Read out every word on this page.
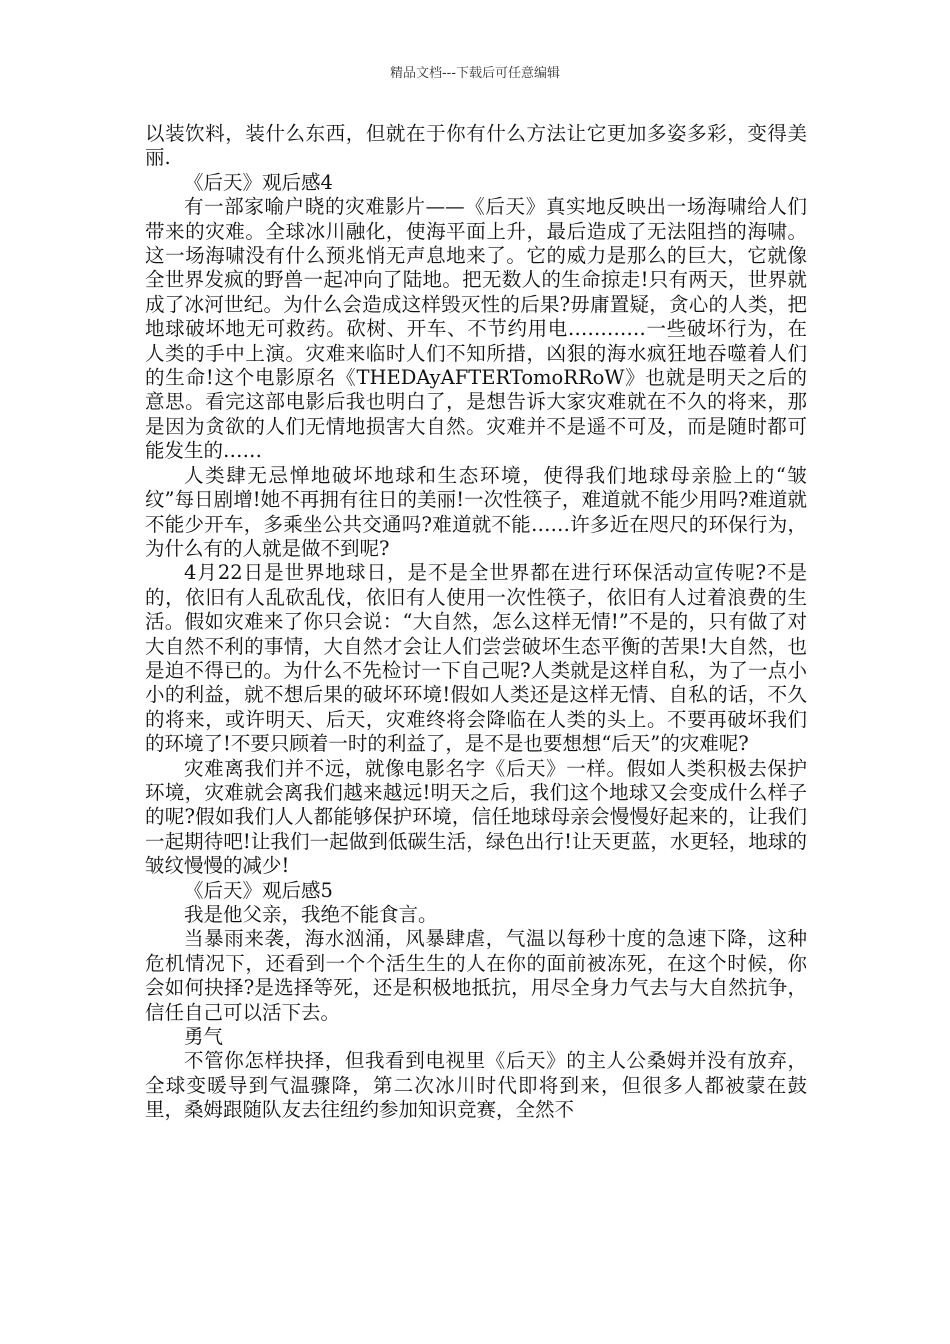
精品文档---下载后可任意编辑

以装饮料，装什么东西，但就在于你有什么方法让它更加多姿多彩，变得美丽.

《后天》观后感4

有一部家喻户晓的灾难影片——《后天》真实地反映出一场海啸给人们带来的灾难。全球冰川融化，使海平面上升，最后造成了无法阻挡的海啸。这一场海啸没有什么预兆悄无声息地来了。它的威力是那么的巨大，它就像全世界发疯的野兽一起冲向了陆地。把无数人的生命掠走!只有两天，世界就成了冰河世纪。为什么会造成这样毁灭性的后果?毋庸置疑，贪心的人类，把地球破坏地无可救药。砍树、开车、不节约用电…………一些破坏行为，在人类的手中上演。灾难来临时人们不知所措，凶狠的海水疯狂地吞噬着人们的生命!这个电影原名《THEDAyAFTERTomoRRoW》也就是明天之后的意思。看完这部电影后我也明白了，是想告诉大家灾难就在不久的将来，那是因为贪欲的人们无情地损害大自然。灾难并不是遥不可及，而是随时都可能发生的……

人类肆无忌惮地破坏地球和生态环境，使得我们地球母亲脸上的“皱纹”每日剧增!她不再拥有往日的美丽!一次性筷子，难道就不能少用吗?难道就不能少开车，多乘坐公共交通吗?难道就不能……许多近在咫尺的环保行为，为什么有的人就是做不到呢?

4月22日是世界地球日，是不是全世界都在进行环保活动宣传呢?不是的，依旧有人乱砍乱伐，依旧有人使用一次性筷子，依旧有人过着浪费的生活。假如灾难来了你只会说：“大自然，怎么这样无情!”不是的，只有做了对大自然不利的事情，大自然才会让人们尝尝破坏生态平衡的苦果!大自然，也是迫不得已的。为什么不先检讨一下自己呢?人类就是这样自私，为了一点小小的利益，就不想后果的破坏环境!假如人类还是这样无情、自私的话，不久的将来，或许明天、后天，灾难终将会降临在人类的头上。不要再破坏我们的环境了!不要只顾着一时的利益了，是不是也要想想“后天”的灾难呢?

灾难离我们并不远，就像电影名字《后天》一样。假如人类积极去保护环境，灾难就会离我们越来越远!明天之后，我们这个地球又会变成什么样子的呢?假如我们人人都能够保护环境，信任地球母亲会慢慢好起来的，让我们一起期待吧!让我们一起做到低碳生活，绿色出行!让天更蓝，水更轻，地球的皱纹慢慢的减少!

《后天》观后感5

我是他父亲，我绝不能食言。

当暴雨来袭，海水汹涌，风暴肆虐，气温以每秒十度的急速下降，这种危机情况下，还看到一个个活生生的人在你的面前被冻死，在这个时候，你会如何抉择?是选择等死，还是积极地抵抗，用尽全身力气去与大自然抗争，信任自己可以活下去。

勇气

不管你怎样抉择，但我看到电视里《后天》的主人公桑姆并没有放弃，全球变暖导到气温骤降，第二次冰川时代即将到来，但很多人都被蒙在鼓里，桑姆跟随队友去往纽约参加知识竞赛，全然不
